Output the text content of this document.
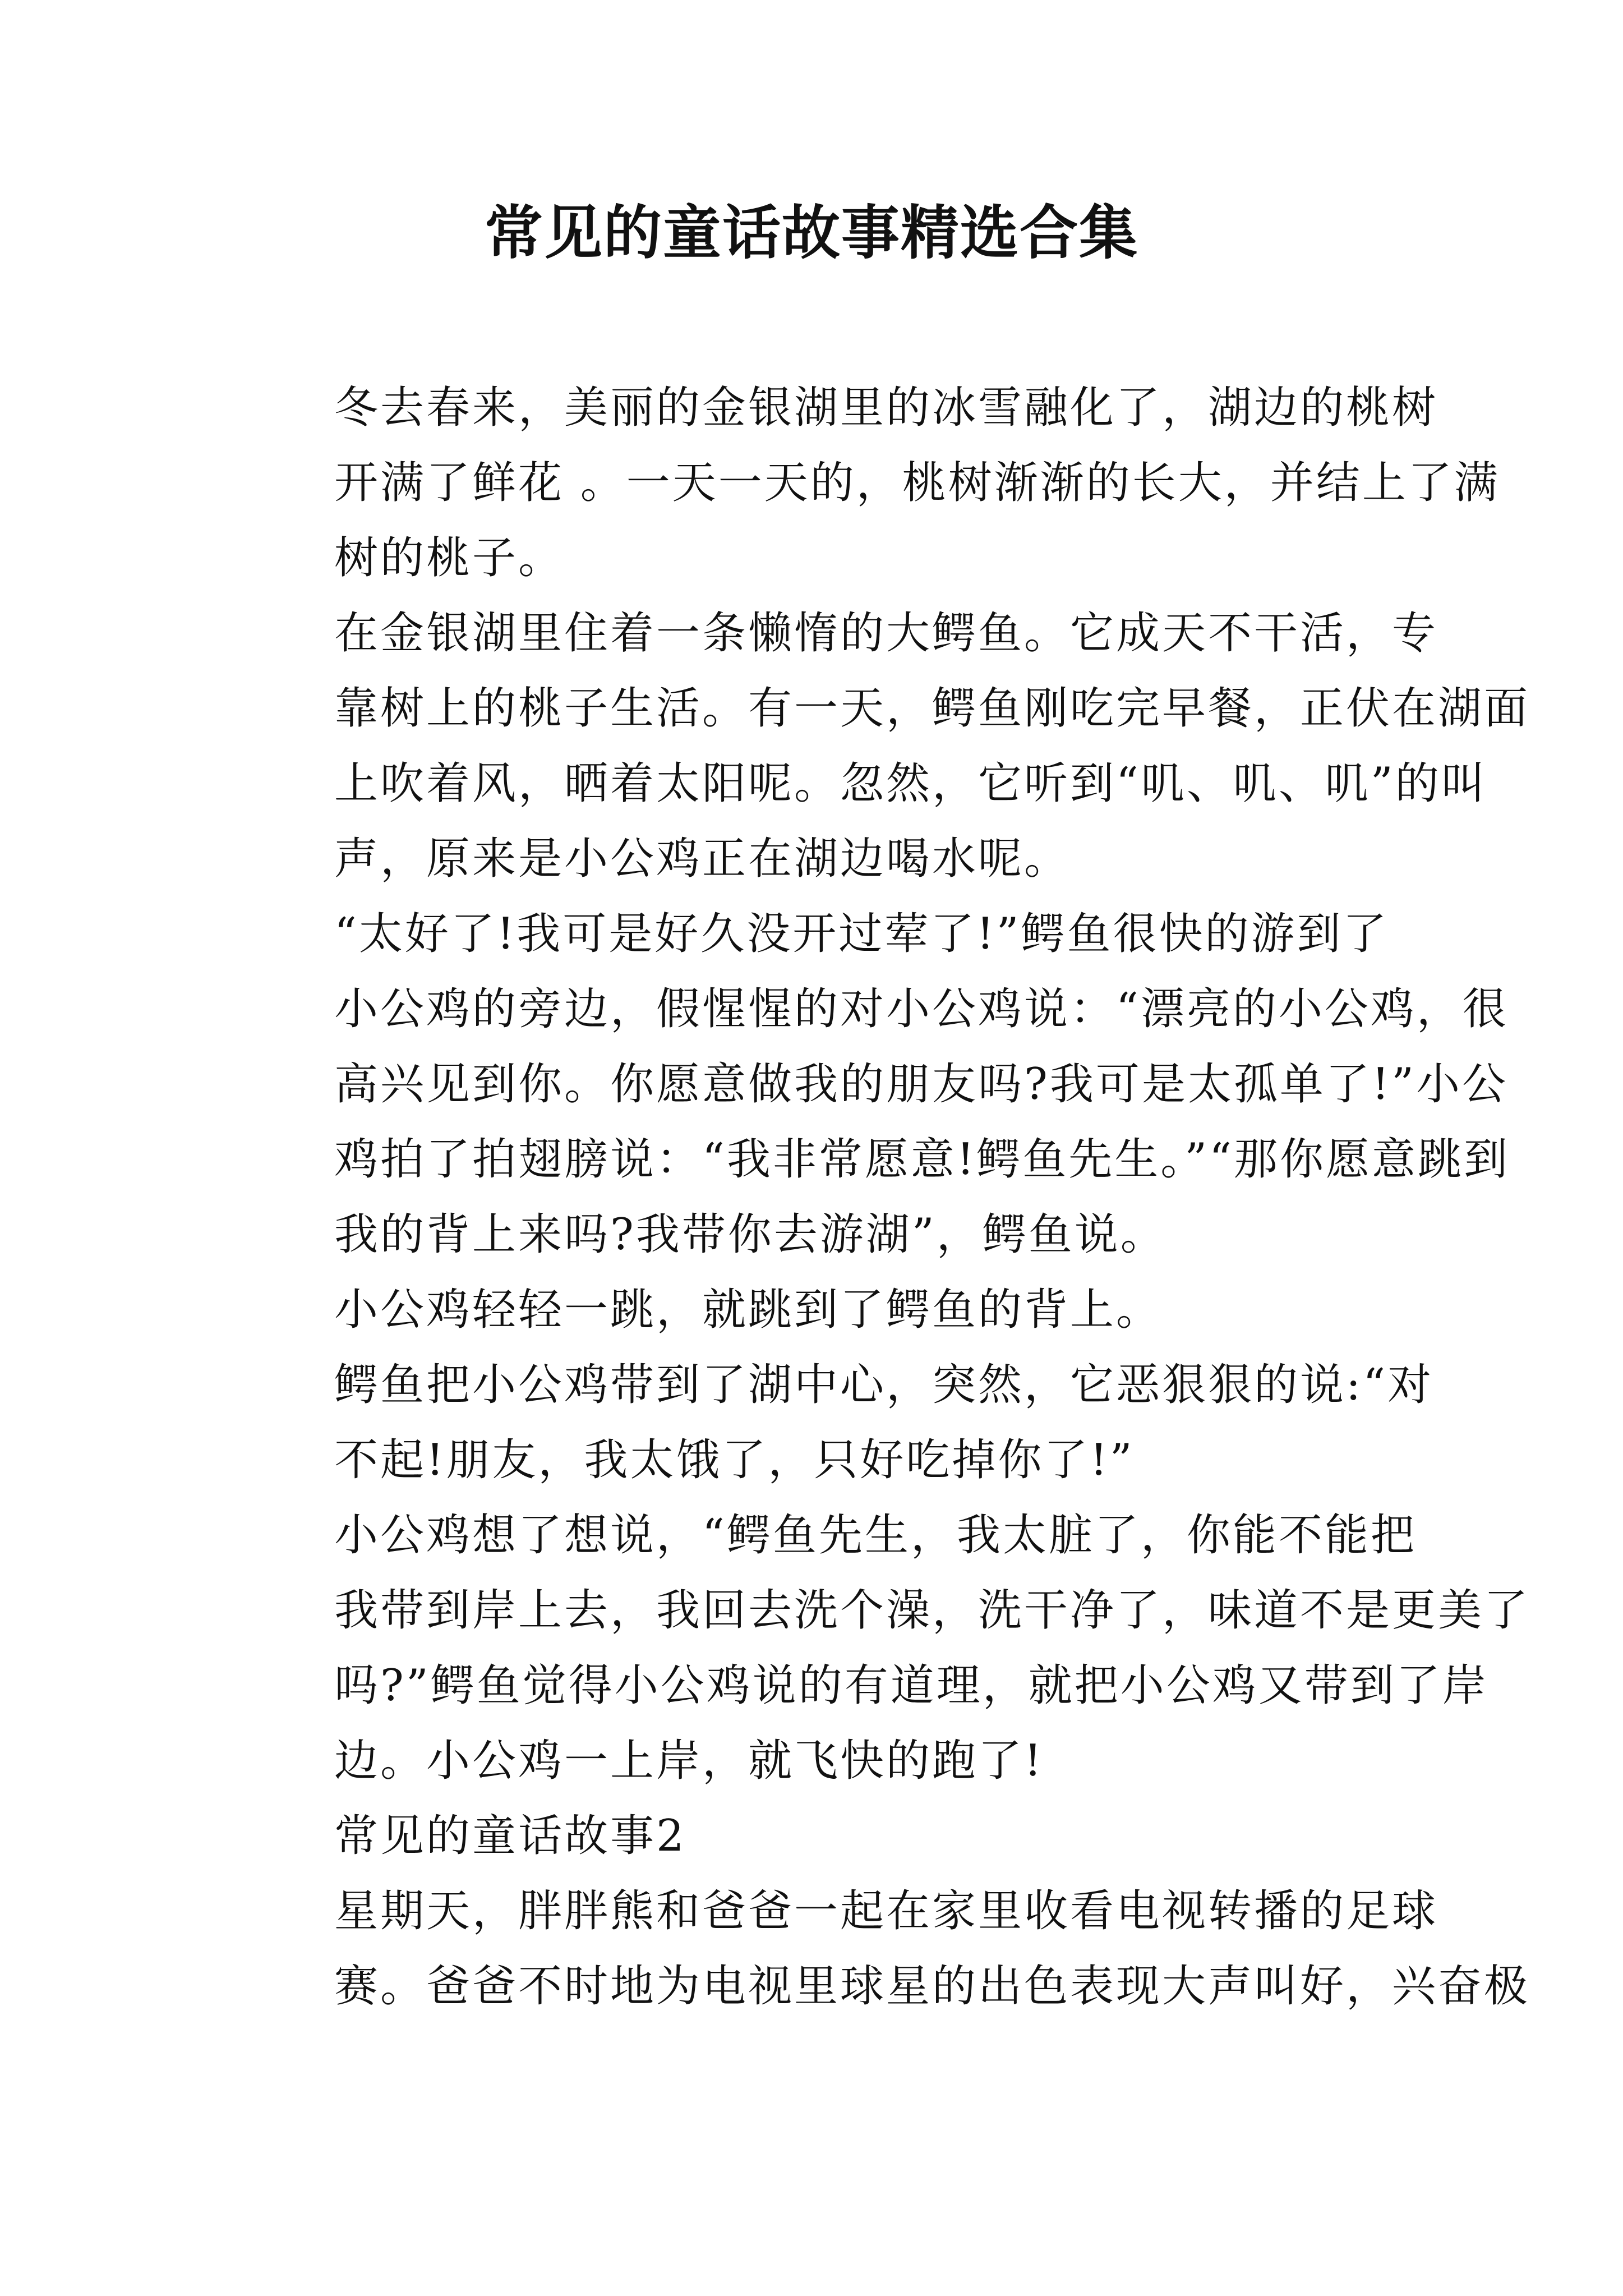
常见的童话故事精选合集

冬去春来，美丽的金银湖里的冰雪融化了，湖边的桃树
开满了鲜花 。一天一天的，桃树渐渐的长大，并结上了满
树的桃子。

在金银湖里住着一条懒惰的大鳄鱼。它成天不干活，专
靠树上的桃子生活。有一天，鳄鱼刚吃完早餐，正伏在湖面
上吹着风，晒着太阳呢。忽然，它听到“叽、叽、叽”的叫
声，原来是小公鸡正在湖边喝水呢。

“太好了!我可是好久没开过荤了!”鳄鱼很快的游到了
小公鸡的旁边，假惺惺的对小公鸡说：“漂亮的小公鸡，很
高兴见到你。你愿意做我的朋友吗?我可是太孤单了!”小公
鸡拍了拍翅膀说：“我非常愿意!鳄鱼先生。”“那你愿意跳到
我的背上来吗?我带你去游湖”，鳄鱼说。

小公鸡轻轻一跳，就跳到了鳄鱼的背上。

鳄鱼把小公鸡带到了湖中心，突然，它恶狠狠的说:“对
不起!朋友，我太饿了，只好吃掉你了!”

小公鸡想了想说，“鳄鱼先生，我太脏了，你能不能把
我带到岸上去，我回去洗个澡，洗干净了，味道不是更美了
吗?”鳄鱼觉得小公鸡说的有道理，就把小公鸡又带到了岸
边。小公鸡一上岸，就飞快的跑了!

常见的童话故事2

星期天，胖胖熊和爸爸一起在家里收看电视转播的足球
赛。爸爸不时地为电视里球星的出色表现大声叫好，兴奋极
